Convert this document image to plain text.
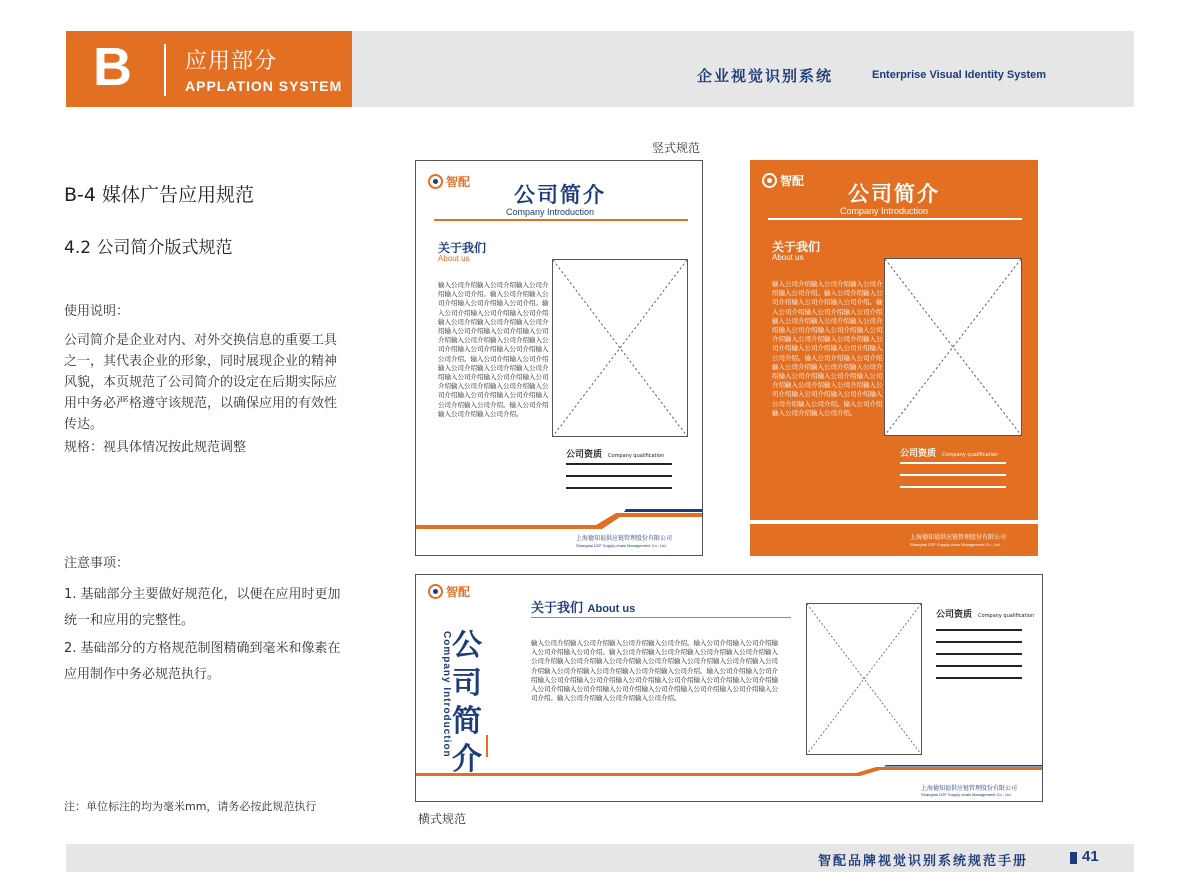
B 应用部分
APPLATION SYSTEM
企业视觉识别系统	Enterprise Visual Identity System
B-4 媒体广告应用规范
4.2 公司简介版式规范
使用说明：
公司简介是企业对内、对外交换信息的重要工具之一，其代表企业的形象，同时展现企业的精神风貌，本页规范了公司简介的设定在后期实际应用中务必严格遵守该规范，以确保应用的有效性传达。
规格：视具体情况按此规范调整
注意事项：
1. 基础部分主要做好规范化，以便在应用时更加统一和应用的完整性。
2. 基础部分的方格规范制图精确到毫米和像素在应用制作中务必规范执行。
注：单位标注的均为毫米mm，请务必按此规范执行
竖式规范
智配
公司简介
Company Introduction
关于我们
About us
输入公司介绍输入公司介绍输入公司介绍输入公司介绍。输入公司介绍输入公司介绍输入公司介绍输入公司介绍。输入公司介绍输入公司介绍输入公司介绍输入公司介绍输入公司介绍输入公司介绍输入公司介绍输入公司介绍输入公司介绍输入公司介绍输入公司介绍输入公司介绍输入公司介绍输入公司介绍输入公司介绍。输入公司介绍输入公司介绍输入公司介绍输入公司介绍输入公司介绍输入公司介绍输入公司介绍输入公司介绍输入公司介绍输入公司介绍输入公司介绍输入公司介绍输入公司介绍输入公司介绍输入公司介绍。输入公司介绍输入公司介绍输入公司介绍。
公司资质 Company qualification
上海德知福供应链管理股份有限公司
Shanghai DZF Supply-chain Management Co., Ltd.
智配
公司简介
Company Introduction
关于我们
About us
输入公司介绍输入公司介绍输入公司介绍输入公司介绍。输入公司介绍输入公司介绍输入公司介绍输入公司介绍。输入公司介绍输入公司介绍输入公司介绍输入公司介绍输入公司介绍输入公司介绍输入公司介绍输入公司介绍输入公司介绍输入公司介绍输入公司介绍输入公司介绍输入公司介绍输入公司介绍输入公司介绍。输入公司介绍输入公司介绍输入公司介绍输入公司介绍输入公司介绍输入公司介绍输入公司介绍输入公司介绍输入公司介绍输入公司介绍输入公司介绍输入公司介绍输入公司介绍输入公司介绍输入公司介绍。输入公司介绍输入公司介绍输入公司介绍。
公司资质 Company qualification
上海德知福供应链管理股份有限公司
Shanghai DZF Supply-chain Management Co., Ltd.
智配
公司简介
Company Introduction
关于我们 About us
输入公司介绍输入公司介绍输入公司介绍输入公司介绍。输入公司介绍输入公司介绍输入公司介绍输入公司介绍。输入公司介绍输入公司介绍输入公司介绍输入公司介绍输入公司介绍输入公司介绍输入公司介绍输入公司介绍输入公司介绍输入公司介绍输入公司介绍输入公司介绍输入公司介绍输入公司介绍输入公司介绍。输入公司介绍输入公司介绍输入公司介绍输入公司介绍输入公司介绍输入公司介绍输入公司介绍输入公司介绍输入公司介绍输入公司介绍输入公司介绍输入公司介绍输入公司介绍输入公司介绍输入公司介绍。输入公司介绍输入公司介绍输入公司介绍。
公司资质 Company qualification
上海德知福供应链管理股份有限公司
Shanghai DZF Supply-chain Management Co., Ltd.
横式规范
智配品牌视觉识别系统规范手册	41
